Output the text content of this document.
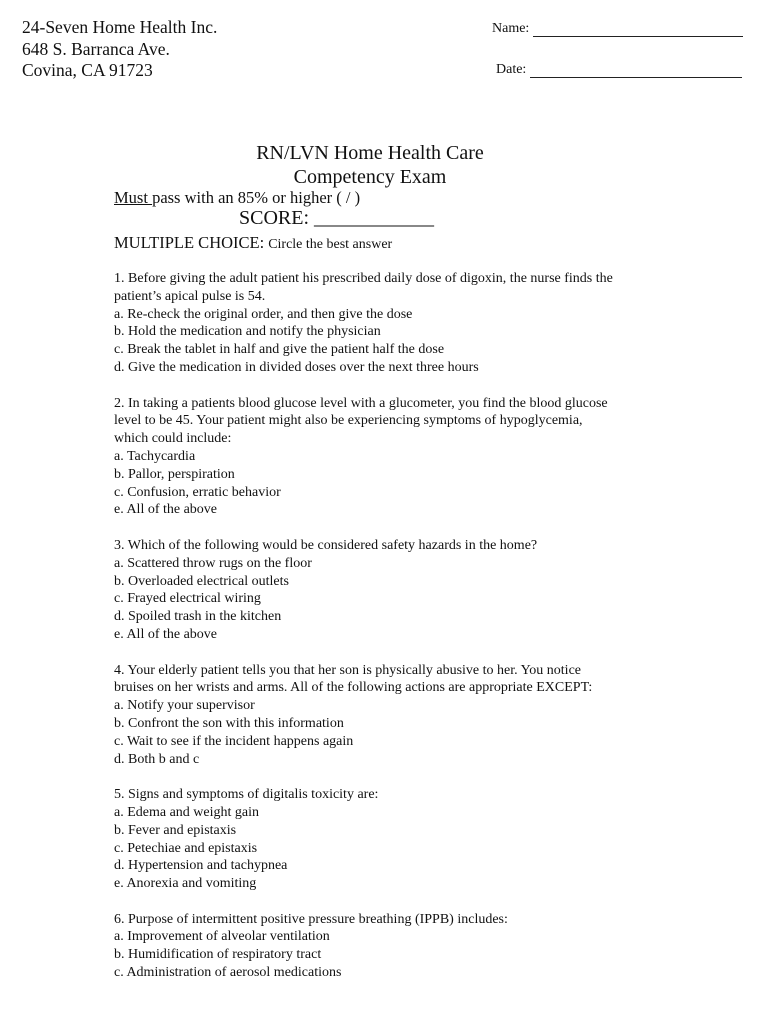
24-Seven Home Health Inc.
648 S. Barranca Ave.
Covina, CA 91723
Name:
Date:
RN/LVN Home Health Care
Competency Exam
Must pass with an 85% or higher ( / )
SCORE: ____________
MULTIPLE CHOICE: Circle the best answer
1. Before giving the adult patient his prescribed daily dose of digoxin, the nurse finds the
patient’s apical pulse is 54.
a. Re-check the original order, and then give the dose
b. Hold the medication and notify the physician
c. Break the tablet in half and give the patient half the dose
d. Give the medication in divided doses over the next three hours
2. In taking a patients blood glucose level with a glucometer, you find the blood glucose
level to be 45. Your patient might also be experiencing symptoms of hypoglycemia,
which could include:
a. Tachycardia
b. Pallor, perspiration
c. Confusion, erratic behavior
e. All of the above
3. Which of the following would be considered safety hazards in the home?
a. Scattered throw rugs on the floor
b. Overloaded electrical outlets
c. Frayed electrical wiring
d. Spoiled trash in the kitchen
e. All of the above
4. Your elderly patient tells you that her son is physically abusive to her. You notice
bruises on her wrists and arms. All of the following actions are appropriate EXCEPT:
a. Notify your supervisor
b. Confront the son with this information
c. Wait to see if the incident happens again
d. Both b and c
5. Signs and symptoms of digitalis toxicity are:
a. Edema and weight gain
b. Fever and epistaxis
c. Petechiae and epistaxis
d. Hypertension and tachypnea
e. Anorexia and vomiting
6. Purpose of intermittent positive pressure breathing (IPPB) includes:
a. Improvement of alveolar ventilation
b. Humidification of respiratory tract
c. Administration of aerosol medications
